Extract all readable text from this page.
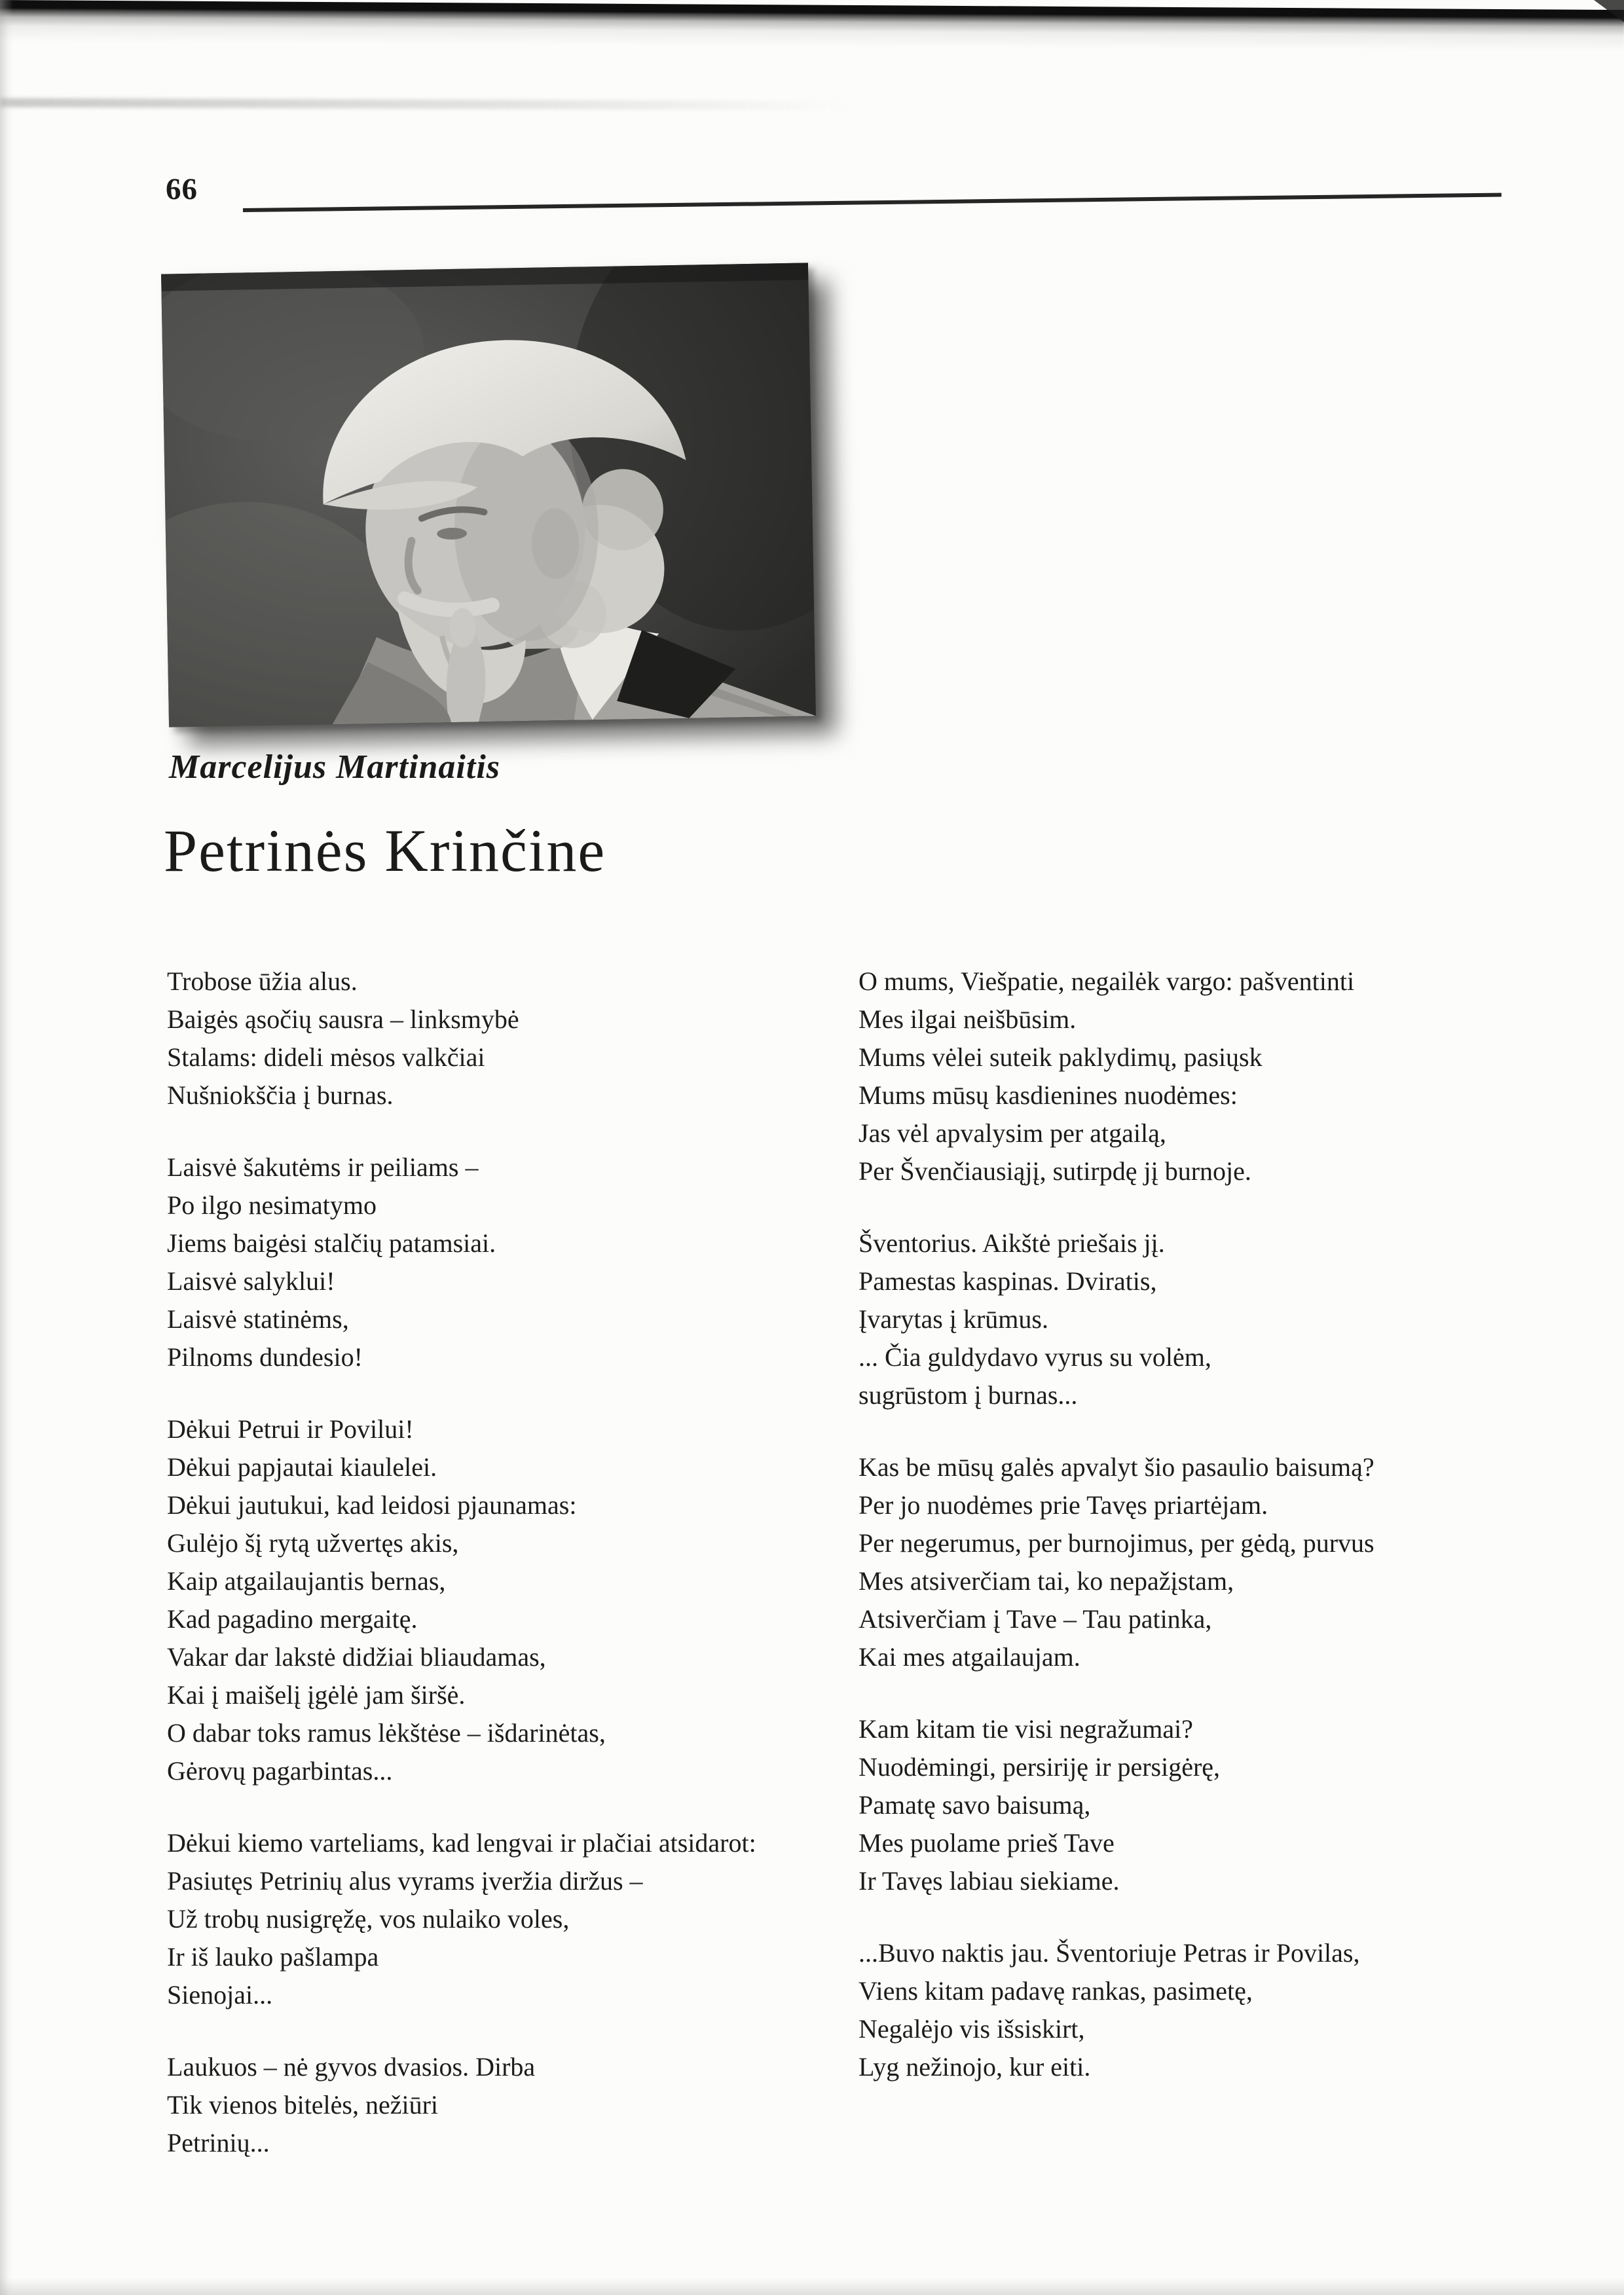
66
Marcelijus Martinaitis
Petrinės Krinčine
Trobose ūžia alus.
Baigės ąsočių sausra – linksmybė
Stalams: dideli mėsos valkčiai
Nušniokščia į burnas.
Laisvė šakutėms ir peiliams –
Po ilgo nesimatymo
Jiems baigėsi stalčių patamsiai.
Laisvė salyklui!
Laisvė statinėms,
Pilnoms dundesio!
Dėkui Petrui ir Povilui!
Dėkui papjautai kiaulelei.
Dėkui jautukui, kad leidosi pjaunamas:
Gulėjo šį rytą užvertęs akis,
Kaip atgailaujantis bernas,
Kad pagadino mergaitę.
Vakar dar lakstė didžiai bliaudamas,
Kai į maišelį įgėlė jam širšė.
O dabar toks ramus lėkštėse – išdarinėtas,
Gėrovų pagarbintas...
Dėkui kiemo varteliams, kad lengvai ir plačiai atsidarot:
Pasiutęs Petrinių alus vyrams įveržia diržus –
Už trobų nusigręžę, vos nulaiko voles,
Ir iš lauko pašlampa
Sienojai...
Laukuos – nė gyvos dvasios. Dirba
Tik vienos bitelės, nežiūri
Petrinių...
O mums, Viešpatie, negailėk vargo: pašventinti
Mes ilgai neišbūsim.
Mums vėlei suteik paklydimų, pasiųsk
Mums mūsų kasdienines nuodėmes:
Jas vėl apvalysim per atgailą,
Per Švenčiausiąjį, sutirpdę jį burnoje.
Šventorius. Aikštė priešais jį.
Pamestas kaspinas. Dviratis,
Įvarytas į krūmus.
... Čia guldydavo vyrus su volėm,
sugrūstom į burnas...
Kas be mūsų galės apvalyt šio pasaulio baisumą?
Per jo nuodėmes prie Tavęs priartėjam.
Per negerumus, per burnojimus, per gėdą, purvus
Mes atsiverčiam tai, ko nepažįstam,
Atsiverčiam į Tave – Tau patinka,
Kai mes atgailaujam.
Kam kitam tie visi negražumai?
Nuodėmingi, persiriję ir persigėrę,
Pamatę savo baisumą,
Mes puolame prieš Tave
Ir Tavęs labiau siekiame.
...Buvo naktis jau. Šventoriuje Petras ir Povilas,
Viens kitam padavę rankas, pasimetę,
Negalėjo vis išsiskirt,
Lyg nežinojo, kur eiti.
